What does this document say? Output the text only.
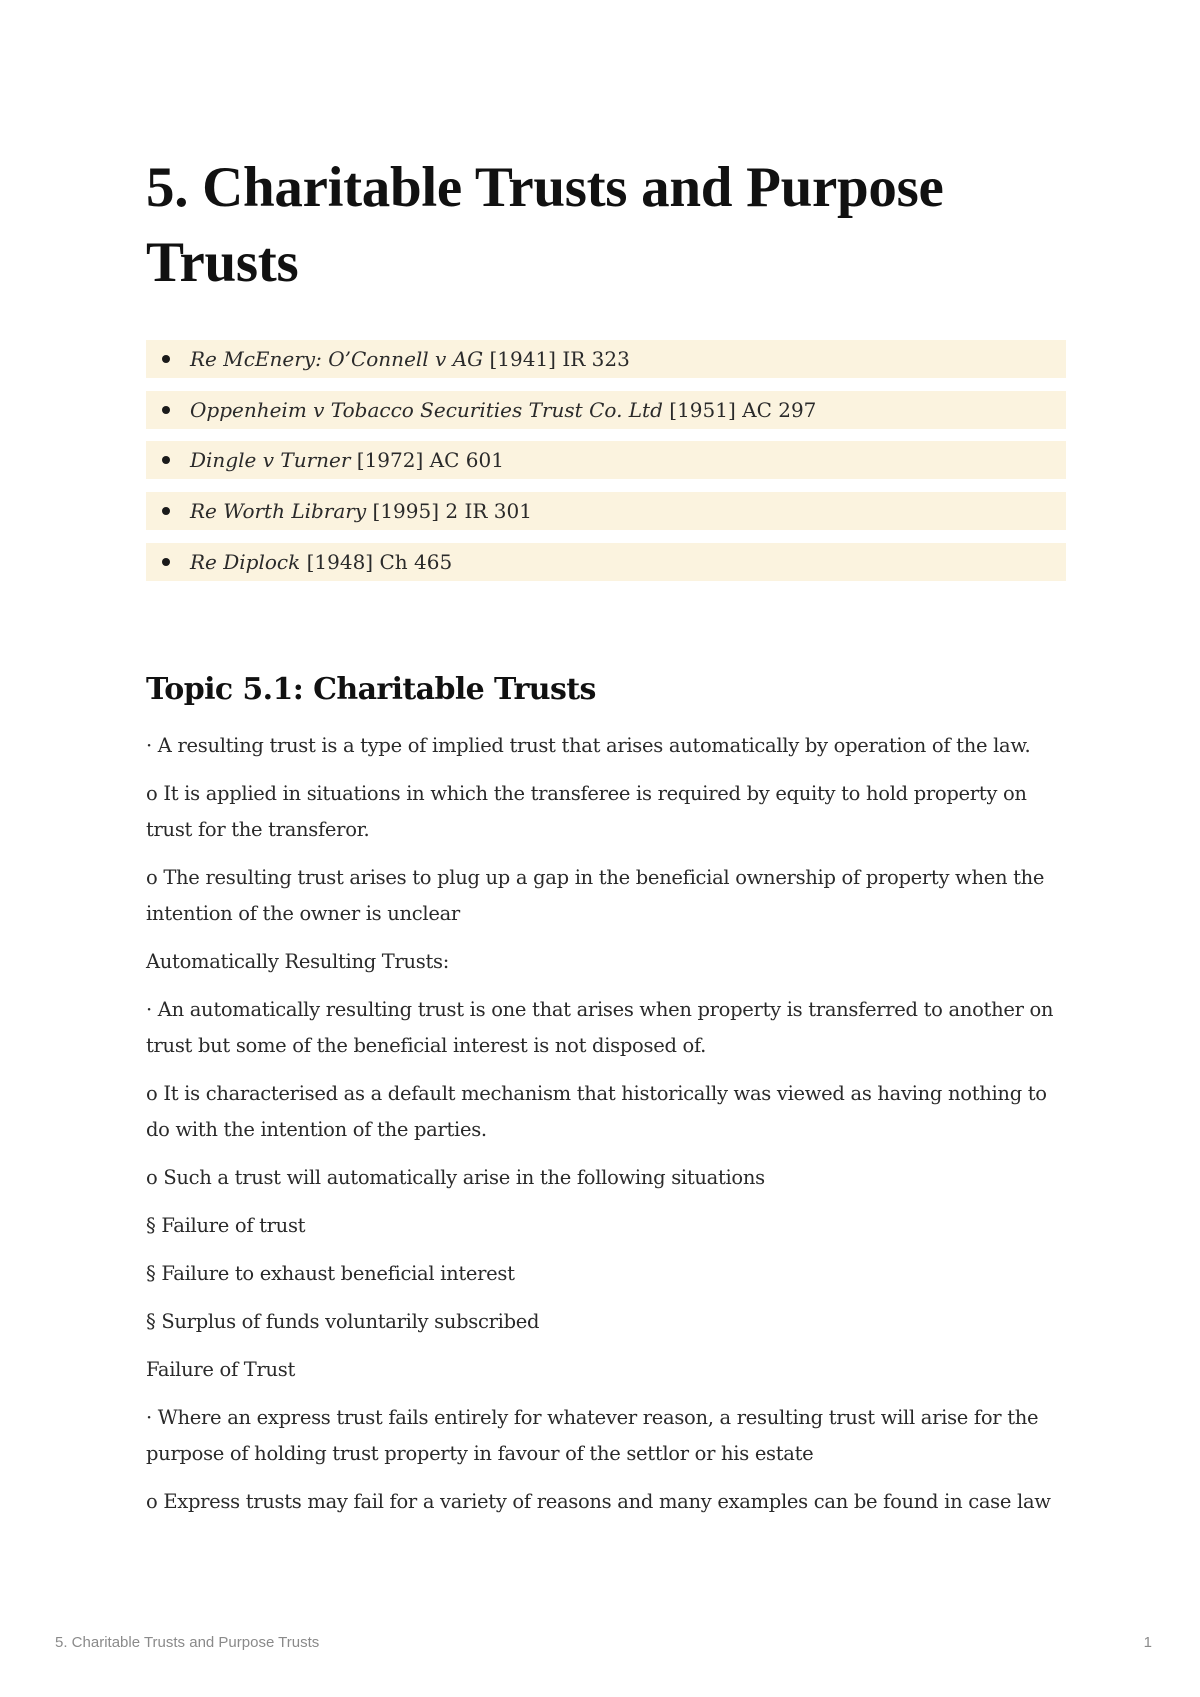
5. Charitable Trusts and Purpose Trusts
Re McEnery: O’Connell v AG [1941] IR 323
Oppenheim v Tobacco Securities Trust Co. Ltd [1951] AC 297
Dingle v Turner [1972] AC 601
Re Worth Library [1995] 2 IR 301
Re Diplock [1948] Ch 465
Topic 5.1: Charitable Trusts

· A resulting trust is a type of implied trust that arises automatically by operation of the law.

o It is applied in situations in which the transferee is required by equity to hold property on trust for the transferor.

o The resulting trust arises to plug up a gap in the beneficial ownership of property when the intention of the owner is unclear

Automatically Resulting Trusts:

· An automatically resulting trust is one that arises when property is transferred to another on trust but some of the beneficial interest is not disposed of.

o It is characterised as a default mechanism that historically was viewed as having nothing to do with the intention of the parties.

o Such a trust will automatically arise in the following situations

§ Failure of trust

§ Failure to exhaust beneficial interest

§ Surplus of funds voluntarily subscribed

Failure of Trust

· Where an express trust fails entirely for whatever reason, a resulting trust will arise for the purpose of holding trust property in favour of the settlor or his estate

o Express trusts may fail for a variety of reasons and many examples can be found in case law

5. Charitable Trusts and Purpose Trusts	1
